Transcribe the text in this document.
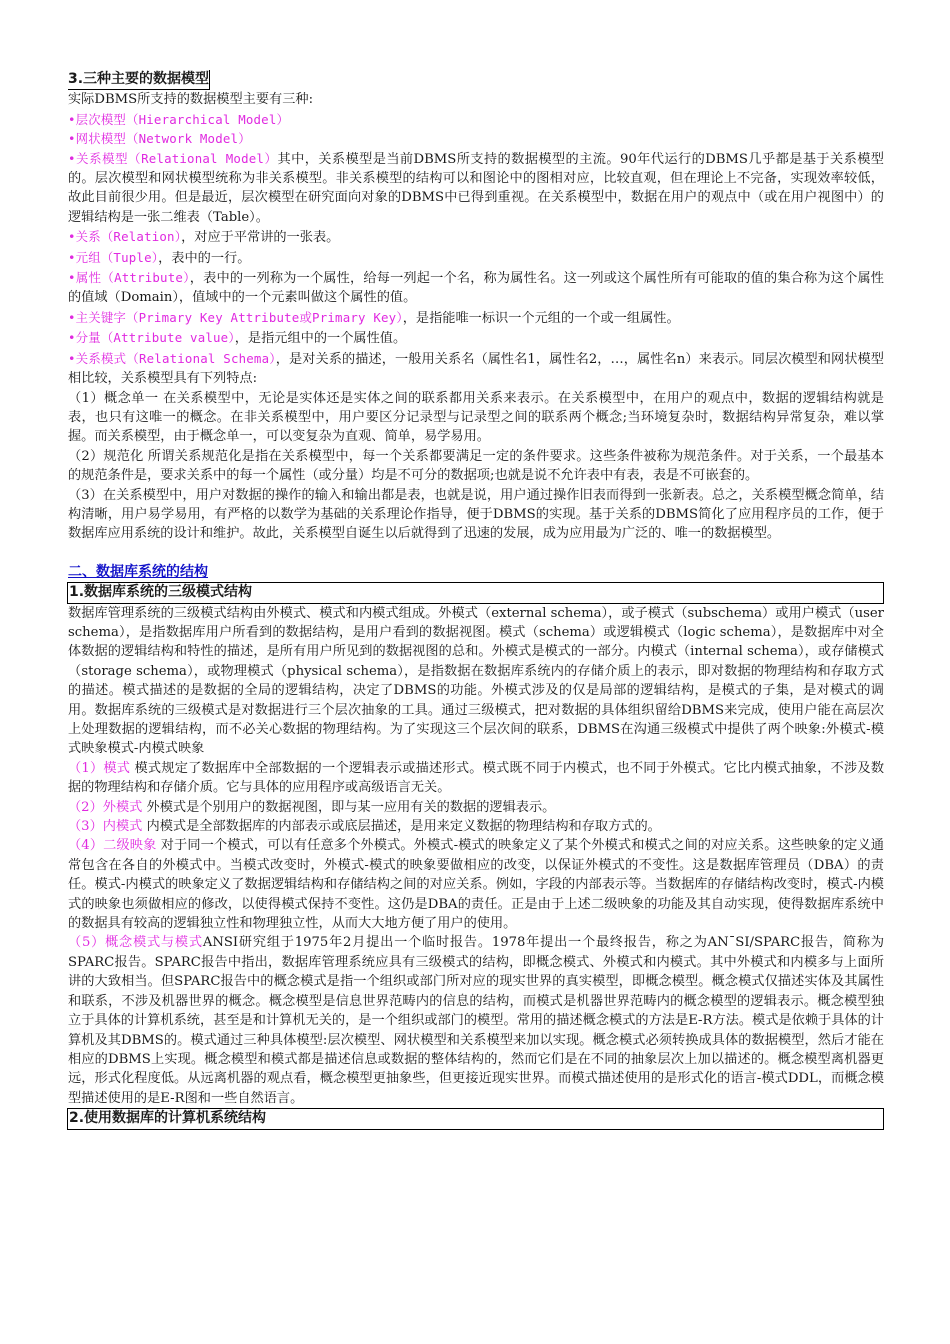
3.三种主要的数据模型

实际DBMS所支持的数据模型主要有三种:

•层次模型（Hierarchical Model）

•网状模型（Network Model）

•关系模型（Relational Model）其中，关系模型是当前DBMS所支持的数据模型的主流。90年代运行的DBMS几乎都是基于关系模型的。层次模型和网状模型统称为非关系模型。非关系模型的结构可以和图论中的图相对应，比较直观，但在理论上不完备，实现效率较低，故此目前很少用。但是最近，层次模型在研究面向对象的DBMS中已得到重视。在关系模型中，数据在用户的观点中（或在用户视图中）的逻辑结构是一张二维表（Table）。

•关系（Relation），对应于平常讲的一张表。

•元组（Tuple），表中的一行。

•属性（Attribute），表中的一列称为一个属性，给每一列起一个名，称为属性名。这一列或这个属性所有可能取的值的集合称为这个属性的值域（Domain），值域中的一个元素叫做这个属性的值。

•主关键字（Primary Key Attribute或Primary Key），是指能唯一标识一个元组的一个或一组属性。

•分量（Attribute value），是指元组中的一个属性值。

•关系模式（Relational Schema），是对关系的描述，一般用关系名（属性名1，属性名2，…，属性名n）来表示。同层次模型和网状模型相比较，关系模型具有下列特点:

（1）概念单一 在关系模型中，无论是实体还是实体之间的联系都用关系来表示。在关系模型中，在用户的观点中，数据的逻辑结构就是表，也只有这唯一的概念。在非关系模型中，用户要区分记录型与记录型之间的联系两个概念;当环境复杂时，数据结构异常复杂，难以掌握。而关系模型，由于概念单一，可以变复杂为直观、简单，易学易用。

（2）规范化 所谓关系规范化是指在关系模型中，每一个关系都要满足一定的条件要求。这些条件被称为规范条件。对于关系，一个最基本的规范条件是，要求关系中的每一个属性（或分量）均是不可分的数据项;也就是说不允许表中有表，表是不可嵌套的。

（3）在关系模型中，用户对数据的操作的输入和输出都是表，也就是说，用户通过操作旧表而得到一张新表。总之，关系模型概念简单，结构清晰，用户易学易用，有严格的以数学为基础的关系理论作指导，便于DBMS的实现。基于关系的DBMS简化了应用程序员的工作，便于数据库应用系统的设计和维护。故此，关系模型自诞生以后就得到了迅速的发展，成为应用最为广泛的、唯一的数据模型。

二、数据库系统的结构

1.数据库系统的三级模式结构

数据库管理系统的三级模式结构由外模式、模式和内模式组成。外模式（external schema），或子模式（subschema）或用户模式（user schema），是指数据库用户所看到的数据结构，是用户看到的数据视图。模式（schema）或逻辑模式（logic schema），是数据库中对全体数据的逻辑结构和特性的描述，是所有用户所见到的数据视图的总和。外模式是模式的一部分。内模式（internal schema），或存储模式（storage schema），或物理模式（physical schema），是指数据在数据库系统内的存储介质上的表示，即对数据的物理结构和存取方式的描述。模式描述的是数据的全局的逻辑结构，决定了DBMS的功能。外模式涉及的仅是局部的逻辑结构，是模式的子集，是对模式的调用。数据库系统的三级模式是对数据进行三个层次抽象的工具。通过三级模式，把对数据的具体组织留给DBMS来完成，使用户能在高层次上处理数据的逻辑结构，而不必关心数据的物理结构。为了实现这三个层次间的联系，DBMS在沟通三级模式中提供了两个映象:外模式-模式映象模式-内模式映象

（1）模式 模式规定了数据库中全部数据的一个逻辑表示或描述形式。模式既不同于内模式，也不同于外模式。它比内模式抽象，不涉及数据的物理结构和存储介质。它与具体的应用程序或高级语言无关。

（2）外模式 外模式是个别用户的数据视图，即与某一应用有关的数据的逻辑表示。

（3）内模式 内模式是全部数据库的内部表示或底层描述，是用来定义数据的物理结构和存取方式的。

（4）二级映象 对于同一个模式，可以有任意多个外模式。外模式-模式的映象定义了某个外模式和模式之间的对应关系。这些映象的定义通常包含在各自的外模式中。当模式改变时，外模式-模式的映象要做相应的改变，以保证外模式的不变性。这是数据库管理员（DBA）的责任。模式-内模式的映象定义了数据逻辑结构和存储结构之间的对应关系。例如，字段的内部表示等。当数据库的存储结构改变时，模式-内模式的映象也须做相应的修改，以使得模式保持不变性。这仍是DBA的责任。正是由于上述二级映象的功能及其自动实现，使得数据库系统中的数据具有较高的逻辑独立性和物理独立性，从而大大地方便了用户的使用。

（5）概念模式与模式ANSI研究组于1975年2月提出一个临时报告。1978年提出一个最终报告，称之为AN¯SI/SPARC报告，简称为SPARC报告。SPARC报告中指出，数据库管理系统应具有三级模式的结构，即概念模式、外模式和内模式。其中外模式和内模多与上面所讲的大致相当。但SPARC报告中的概念模式是指一个组织或部门所对应的现实世界的真实模型，即概念模型。概念模式仅描述实体及其属性和联系，不涉及机器世界的概念。概念模型是信息世界范畴内的信息的结构，而模式是机器世界范畴内的概念模型的逻辑表示。概念模型独立于具体的计算机系统，甚至是和计算机无关的，是一个组织或部门的模型。常用的描述概念模式的方法是E-R方法。模式是依赖于具体的计算机及其DBMS的。模式通过三种具体模型:层次模型、网状模型和关系模型来加以实现。概念模式必须转换成具体的数据模型，然后才能在相应的DBMS上实现。概念模型和模式都是描述信息或数据的整体结构的，然而它们是在不同的抽象层次上加以描述的。概念模型离机器更远，形式化程度低。从远离机器的观点看，概念模型更抽象些，但更接近现实世界。而模式描述使用的是形式化的语言-模式DDL，而概念模型描述使用的是E-R图和一些自然语言。

2.使用数据库的计算机系统结构
